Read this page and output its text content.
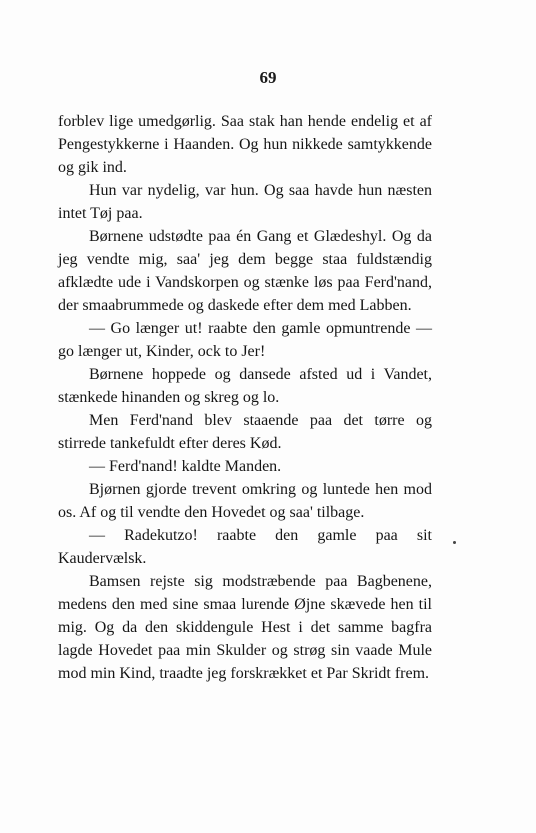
69

forblev lige umedgørlig. Saa stak han hende endelig et af Pengestykkerne i Haanden. Og hun nikkede samtykkende og gik ind.

Hun var nydelig, var hun. Og saa havde hun næsten intet Tøj paa.

Børnene udstødte paa én Gang et Glædeshyl. Og da jeg vendte mig, saa' jeg dem begge staa fuldstændig afklædte ude i Vandskorpen og stænke løs paa Ferd'nand, der smaabrummede og daskede efter dem med Labben.

— Go længer ut! raabte den gamle opmuntrende — go længer ut, Kinder, ock to Jer!

Børnene hoppede og dansede afsted ud i Vandet, stænkede hinanden og skreg og lo.

Men Ferd'nand blev staaende paa det tørre og stirrede tankefuldt efter deres Kød.

— Ferd'nand! kaldte Manden.

Bjørnen gjorde trevent omkring og luntede hen mod os. Af og til vendte den Hovedet og saa' tilbage.

— Radekutzo! raabte den gamle paa sit Kaudervælsk.

Bamsen rejste sig modstræbende paa Bagbenene, medens den med sine smaa lurende Øjne skævede hen til mig. Og da den skiddengule Hest i det samme bagfra lagde Hovedet paa min Skulder og strøg sin vaade Mule mod min Kind, traadte jeg forskrækket et Par Skridt frem.
